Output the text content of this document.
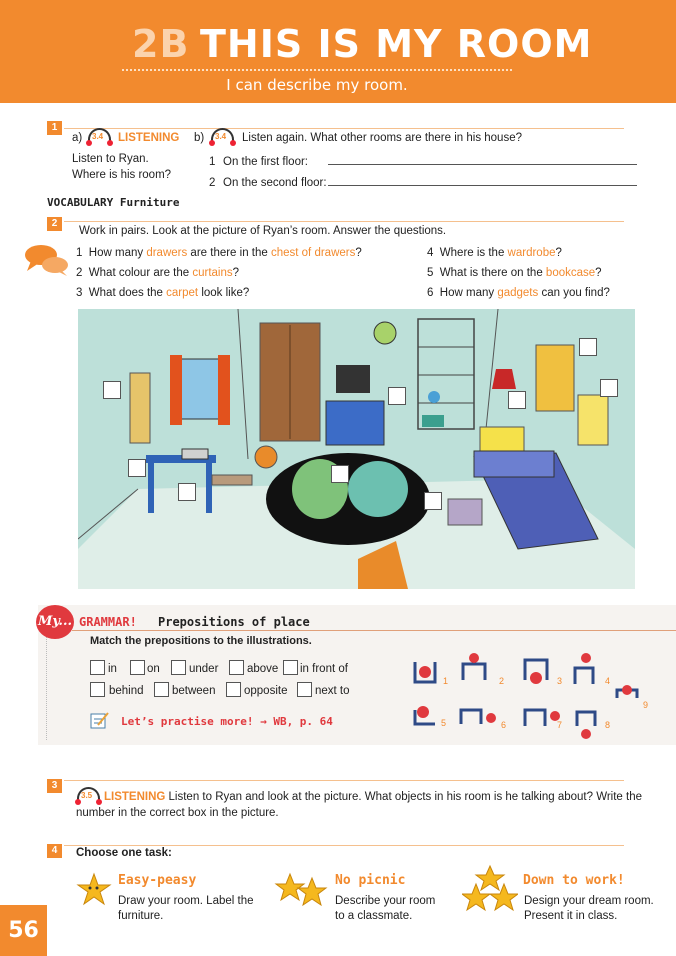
2B THIS IS MY ROOM
I can describe my room.
1
a) 3.4 LISTENING
Listen to Ryan.
Where is his room?
b) 3.4 Listen again. What other rooms are there in his house?
1 On the first floor:
2 On the second floor:
VOCABULARY Furniture
2
Work in pairs. Look at the picture of Ryan’s room. Answer the questions.
1 How many drawers are there in the chest of drawers?
2 What colour are the curtains?
3 What does the carpet look like?
4 Where is the wardrobe?
5 What is there on the bookcase?
6 How many gadgets can you find?
My... GRAMMAR! Prepositions of place
Match the prepositions to the illustrations.
in	on	under above in front of
behind between opposite next to
Let’s practise more! → WB, p. 64
1	2	3	4
5	6	7	8
9
3
3.5 LISTENING Listen to Ryan and look at the picture. What objects in his room is he talking about? Write the
number in the correct box in the picture.
4	Choose one task:
Easy-peasy
Draw your room. Label the
furniture.
No picnic
Describe your room
to a classmate.
Down to work!
Design your dream room.
Present it in class.
56
